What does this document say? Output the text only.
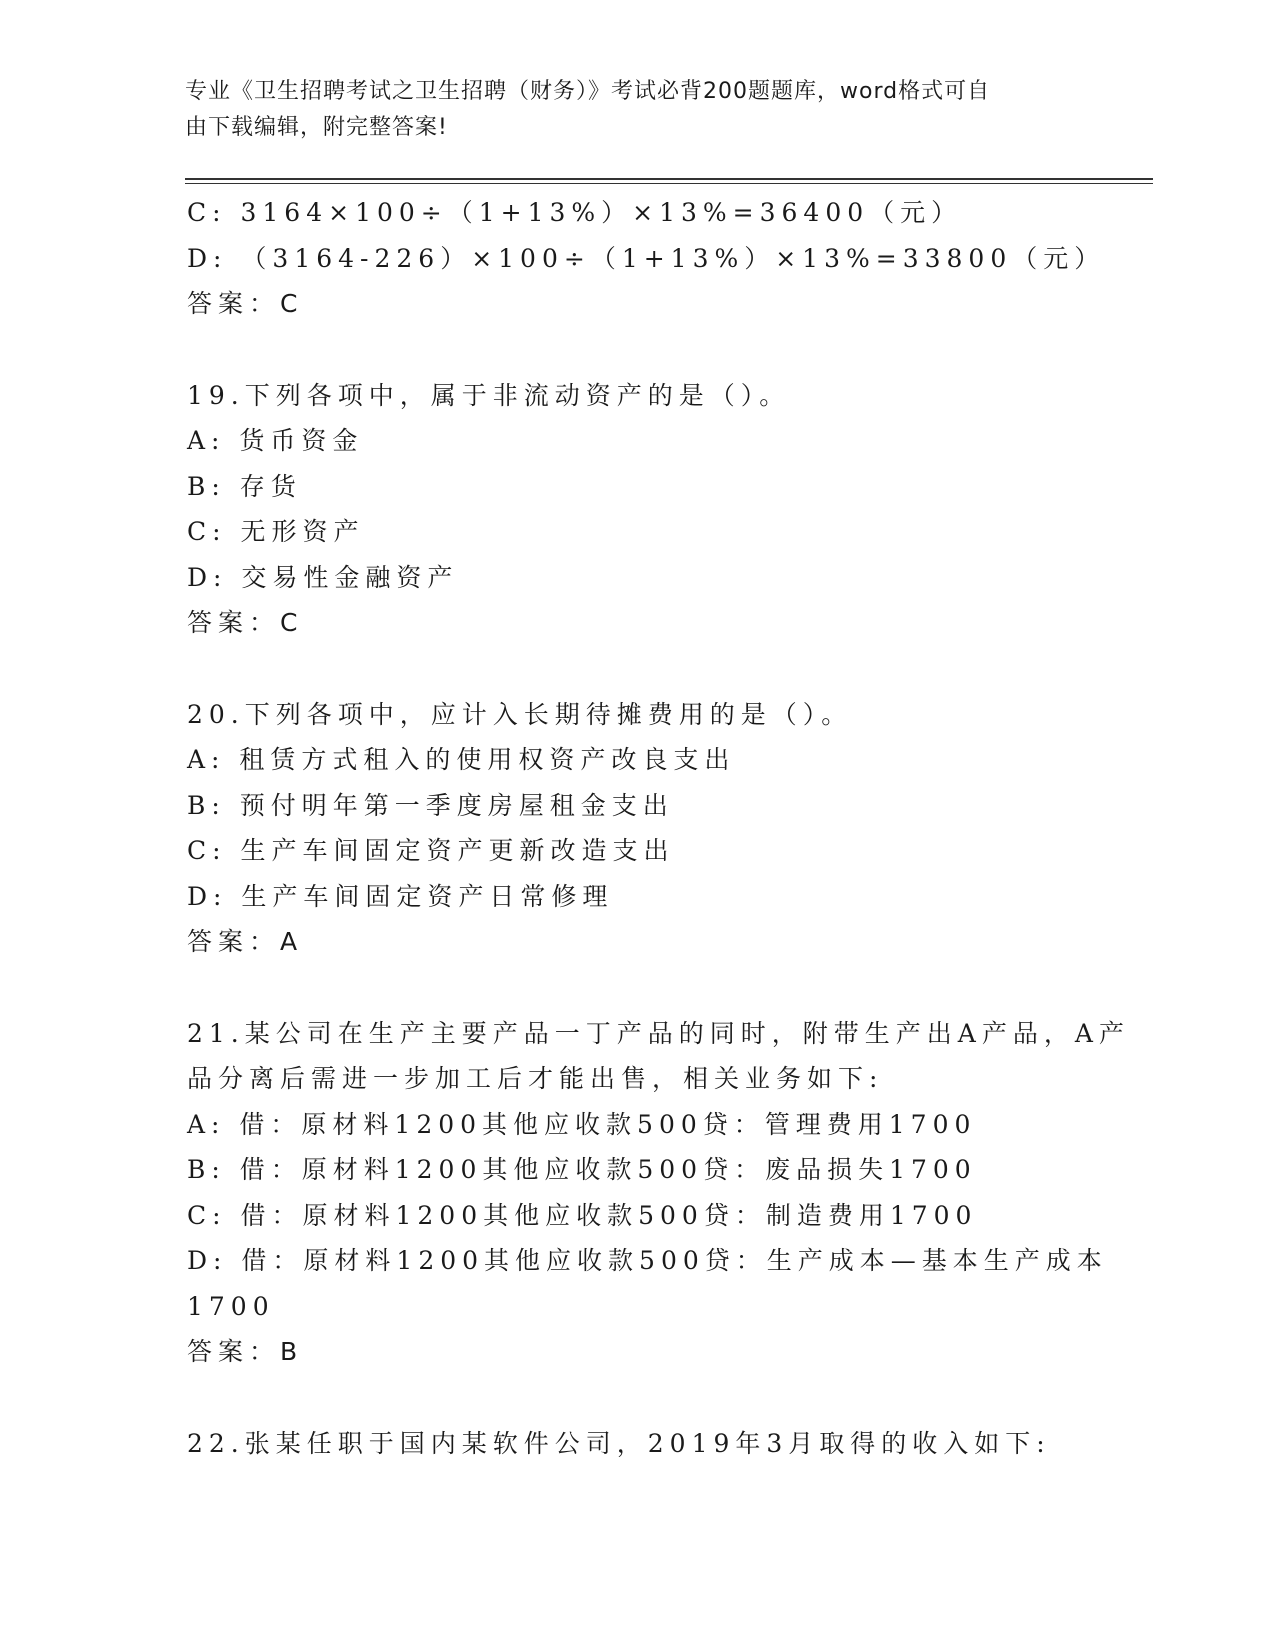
专业《卫生招聘考试之卫生招聘（财务）》考试必背200题题库，word格式可自
由下载编辑，附完整答案!
C: 3164×100÷（1+13%）×13%=36400（元）
D: （3164-226）×100÷（1+13%）×13%=33800（元）
答案：C
19.下列各项中，属于非流动资产的是（）。
A: 货币资金
B: 存货
C: 无形资产
D: 交易性金融资产
答案：C
20.下列各项中，应计入长期待摊费用的是（）。
A: 租赁方式租入的使用权资产改良支出
B: 预付明年第一季度房屋租金支出
C: 生产车间固定资产更新改造支出
D: 生产车间固定资产日常修理
答案：A
21.某公司在生产主要产品一丁产品的同时，附带生产出A产品，A产
品分离后需进一步加工后才能出售，相关业务如下:
A: 借：原材料1200其他应收款500贷：管理费用1700
B: 借：原材料1200其他应收款500贷：废品损失1700
C: 借：原材料1200其他应收款500贷：制造费用1700
D: 借：原材料1200其他应收款500贷：生产成本—基本生产成本
1700
答案：B
22.张某任职于国内某软件公司，2019年3月取得的收入如下:
